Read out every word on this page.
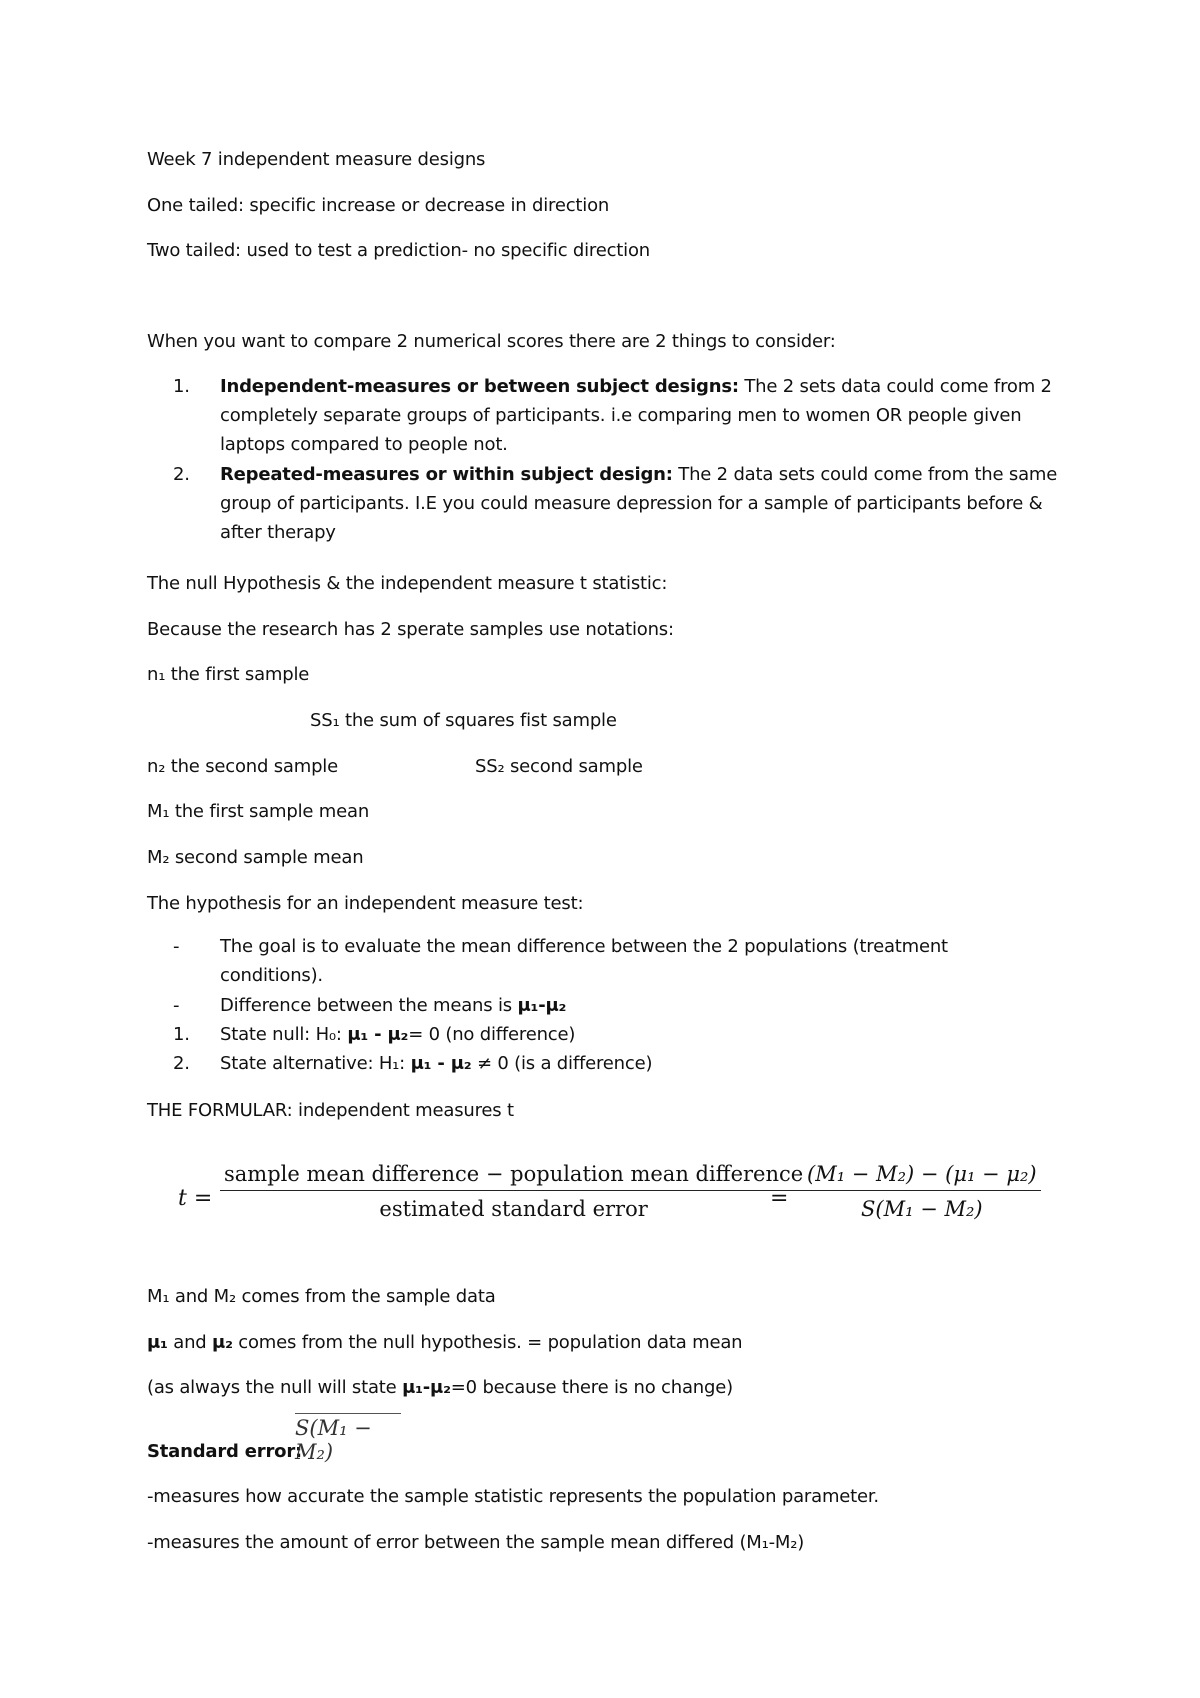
Week 7 independent measure designs
One tailed: specific increase or decrease in direction
Two tailed: used to test a prediction- no specific direction
When you want to compare 2 numerical scores there are 2 things to consider:
1. Independent-measures or between subject designs: The 2 sets data could come from 2 completely separate groups of participants. i.e comparing men to women OR people given laptops compared to people not.
2. Repeated-measures or within subject design: The 2 data sets could come from the same group of participants. I.E you could measure depression for a sample of participants before & after therapy
The null Hypothesis & the independent measure t statistic:
Because the research has 2 sperate samples use notations:
n₁ the first sample
SS₁ the sum of squares fist sample
n₂ the second sample	SS₂ second sample
M₁ the first sample mean
M₂ second sample mean
The hypothesis for an independent measure test:
- The goal is to evaluate the mean difference between the 2 populations (treatment conditions).
- Difference between the means is μ₁-μ₂
1. State null: H₀: μ₁ - μ₂= 0 (no difference)
2. State alternative: H₁: μ₁ - μ₂ ≠ 0 (is a difference)
THE FORMULAR: independent measures t
t =
sample mean difference − population mean difference
estimated standard error	= $\frac{\text{(M₁ − M₂) − (μ₁ − μ₂)}}{\text{S(M₁ − M₂)}}$
M₁ and M₂ comes from the sample data
μ₁ and μ₂ comes from the null hypothesis. = population data mean
(as always the null will state μ₁-μ₂=0 because there is no change)
Standard error:
S(M₁ − M₂)
-measures how accurate the sample statistic represents the population parameter.
-measures the amount of error between the sample mean differed (M₁-M₂)
